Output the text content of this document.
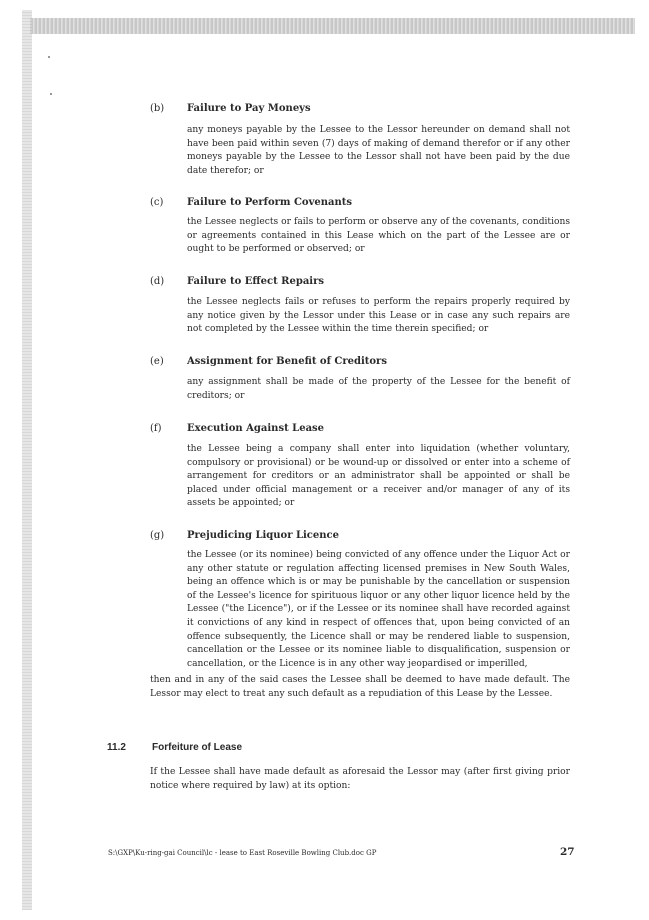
(b) Failure to Pay Moneys
any moneys payable by the Lessee to the Lessor hereunder on demand shall not have been paid within seven (7) days of making of demand therefor or if any other moneys payable by the Lessee to the Lessor shall not have been paid by the due date therefor; or
(c) Failure to Perform Covenants
the Lessee neglects or fails to perform or observe any of the covenants, conditions or agreements contained in this Lease which on the part of the Lessee are or ought to be performed or observed; or
(d) Failure to Effect Repairs
the Lessee neglects fails or refuses to perform the repairs properly required by any notice given by the Lessor under this Lease or in case any such repairs are not completed by the Lessee within the time therein specified; or
(e) Assignment for Benefit of Creditors
any assignment shall be made of the property of the Lessee for the benefit of creditors; or
(f)	Execution Against Lease
the Lessee being a company shall enter into liquidation (whether voluntary, compulsory or provisional) or be wound-up or dissolved or enter into a scheme of arrangement for creditors or an administrator shall be appointed or shall be placed under official management or a receiver and/or manager of any of its assets be appointed; or
(g) Prejudicing Liquor Licence
the Lessee (or its nominee) being convicted of any offence under the Liquor Act or any other statute or regulation affecting licensed premises in New South Wales, being an offence which is or may be punishable by the cancellation or suspension of the Lessee's licence for spirituous liquor or any other liquor licence held by the Lessee ("the Licence"), or if the Lessee or its nominee shall have recorded against it convictions of any kind in respect of offences that, upon being convicted of an offence subsequently, the Licence shall or may be rendered liable to suspension, cancellation or the Lessee or its nominee liable to disqualification, suspension or cancellation, or the Licence is in any other way jeopardised or imperilled,
then and in any of the said cases the Lessee shall be deemed to have made default. The Lessor may elect to treat any such default as a repudiation of this Lease by the Lessee.
11.2	Forfeiture of Lease
If the Lessee shall have made default as aforesaid the Lessor may (after first giving prior notice where required by law) at its option:
S:\GXP\Ku-ring-gai Council\lc - lease to East Roseville Bowling Club.doc GP	27
